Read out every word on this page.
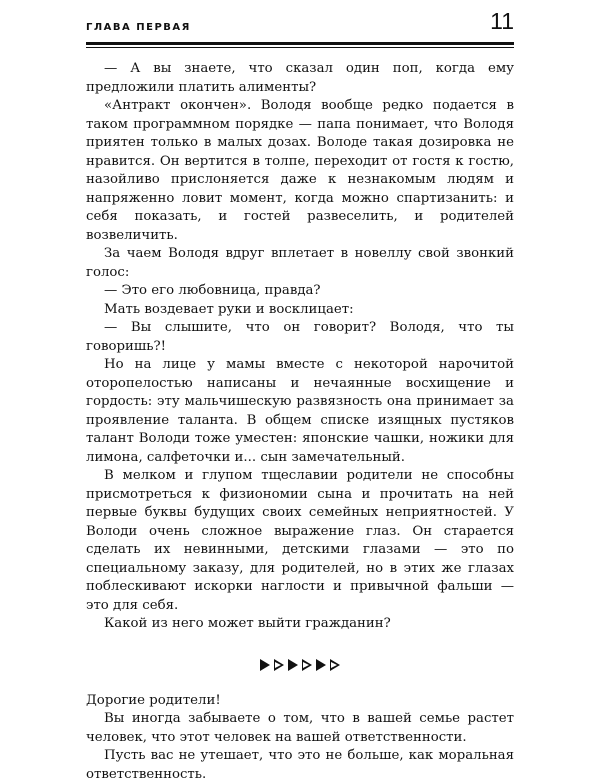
ГЛАВА ПЕРВАЯ	11

— А вы знаете, что сказал один поп, когда ему предложили платить алименты?

«Антракт окончен». Володя вообще редко подается в таком программном порядке — папа понимает, что Володя приятен только в малых дозах. Володе такая дозировка не нравится. Он вертится в толпе, переходит от гостя к гостю, назойливо прислоняется даже к незнакомым людям и напряженно ловит момент, когда можно спартизанить: и себя показать, и гостей развеселить, и родителей возвеличить.

За чаем Володя вдруг вплетает в новеллу свой звонкий голос:

— Это его любовница, правда?

Мать воздевает руки и восклицает:

— Вы слышите, что он говорит? Володя, что ты говоришь?!

Но на лице у мамы вместе с некоторой нарочитой оторопелостью написаны и нечаянные восхищение и гордость: эту мальчишескую развязность она принимает за проявление таланта. В общем списке изящных пустяков талант Володи тоже уместен: японские чашки, ножики для лимона, салфеточки и... сын замечательный.

В мелком и глупом тщеславии родители не способны присмотреться к физиономии сына и прочитать на ней первые буквы будущих своих семейных неприятностей. У Володи очень сложное выражение глаз. Он старается сделать их невинными, детскими глазами — это по специальному заказу, для родителей, но в этих же глазах поблескивают искорки наглости и привычной фальши — это для себя.

Какой из него может выйти гражданин?

Дорогие родители!

Вы иногда забываете о том, что в вашей семье растет человек, что этот человек на вашей ответственности.

Пусть вас не утешает, что это не больше, как моральная ответственность.
